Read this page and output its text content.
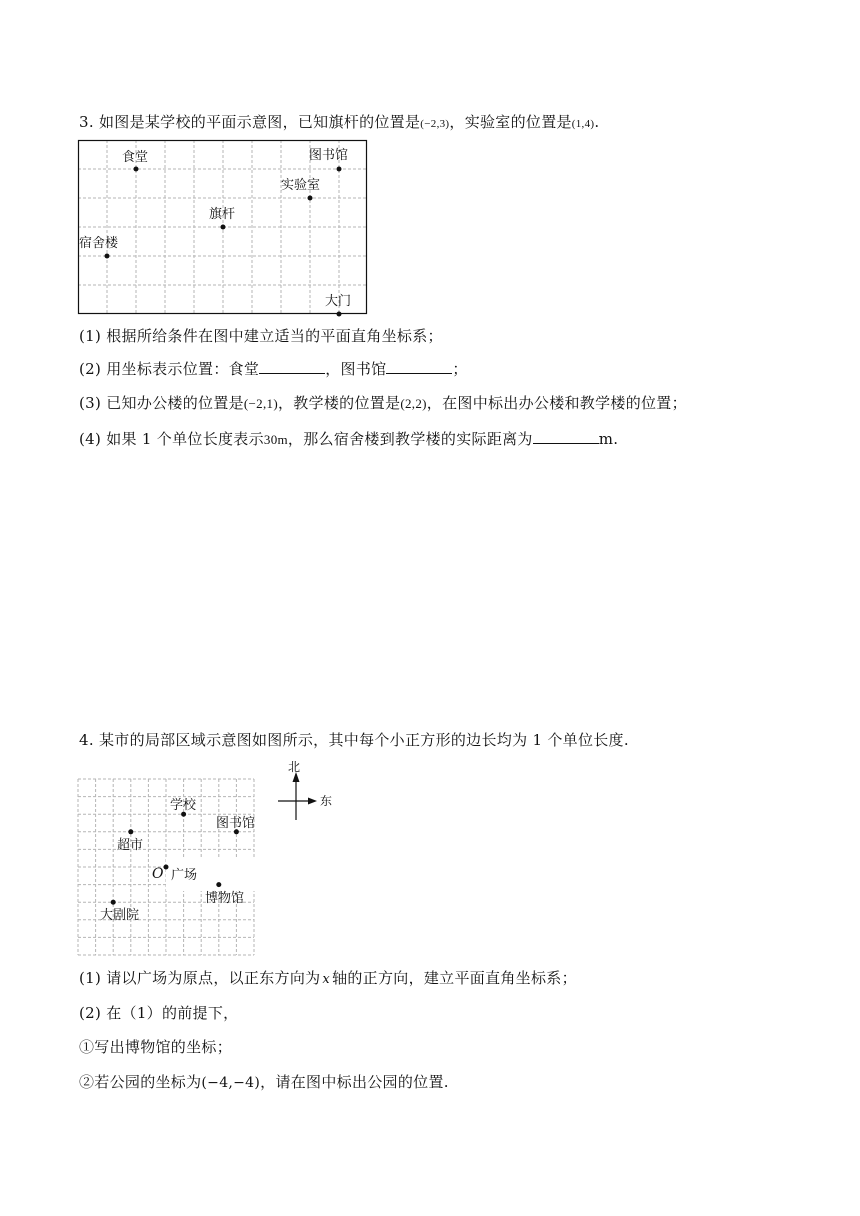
3. 如图是某学校的平面示意图，已知旗杆的位置是(−2,3)，实验室的位置是(1,4).
食堂	图书馆
实验室
旗杆
宿舍楼
大门
(1) 根据所给条件在图中建立适当的平面直角坐标系；
(2) 用坐标表示位置：食堂	，图书馆	；
(3) 已知办公楼的位置是(−2,1)，教学楼的位置是(2,2)，在图中标出办公楼和教学楼的位置；
(4) 如果 1 个单位长度表示30m，那么宿舍楼到教学楼的实际距离为	m.
4. 某市的局部区域示意图如图所示，其中每个小正方形的边长均为 1 个单位长度.
学校
图书馆
超市
O 广场
博物馆
大剧院
北
东
(1) 请以广场为原点，以正东方向为 x 轴的正方向，建立平面直角坐标系；
(2) 在（1）的前提下，
①写出博物馆的坐标；
②若公园的坐标为(−4,−4)，请在图中标出公园的位置.
